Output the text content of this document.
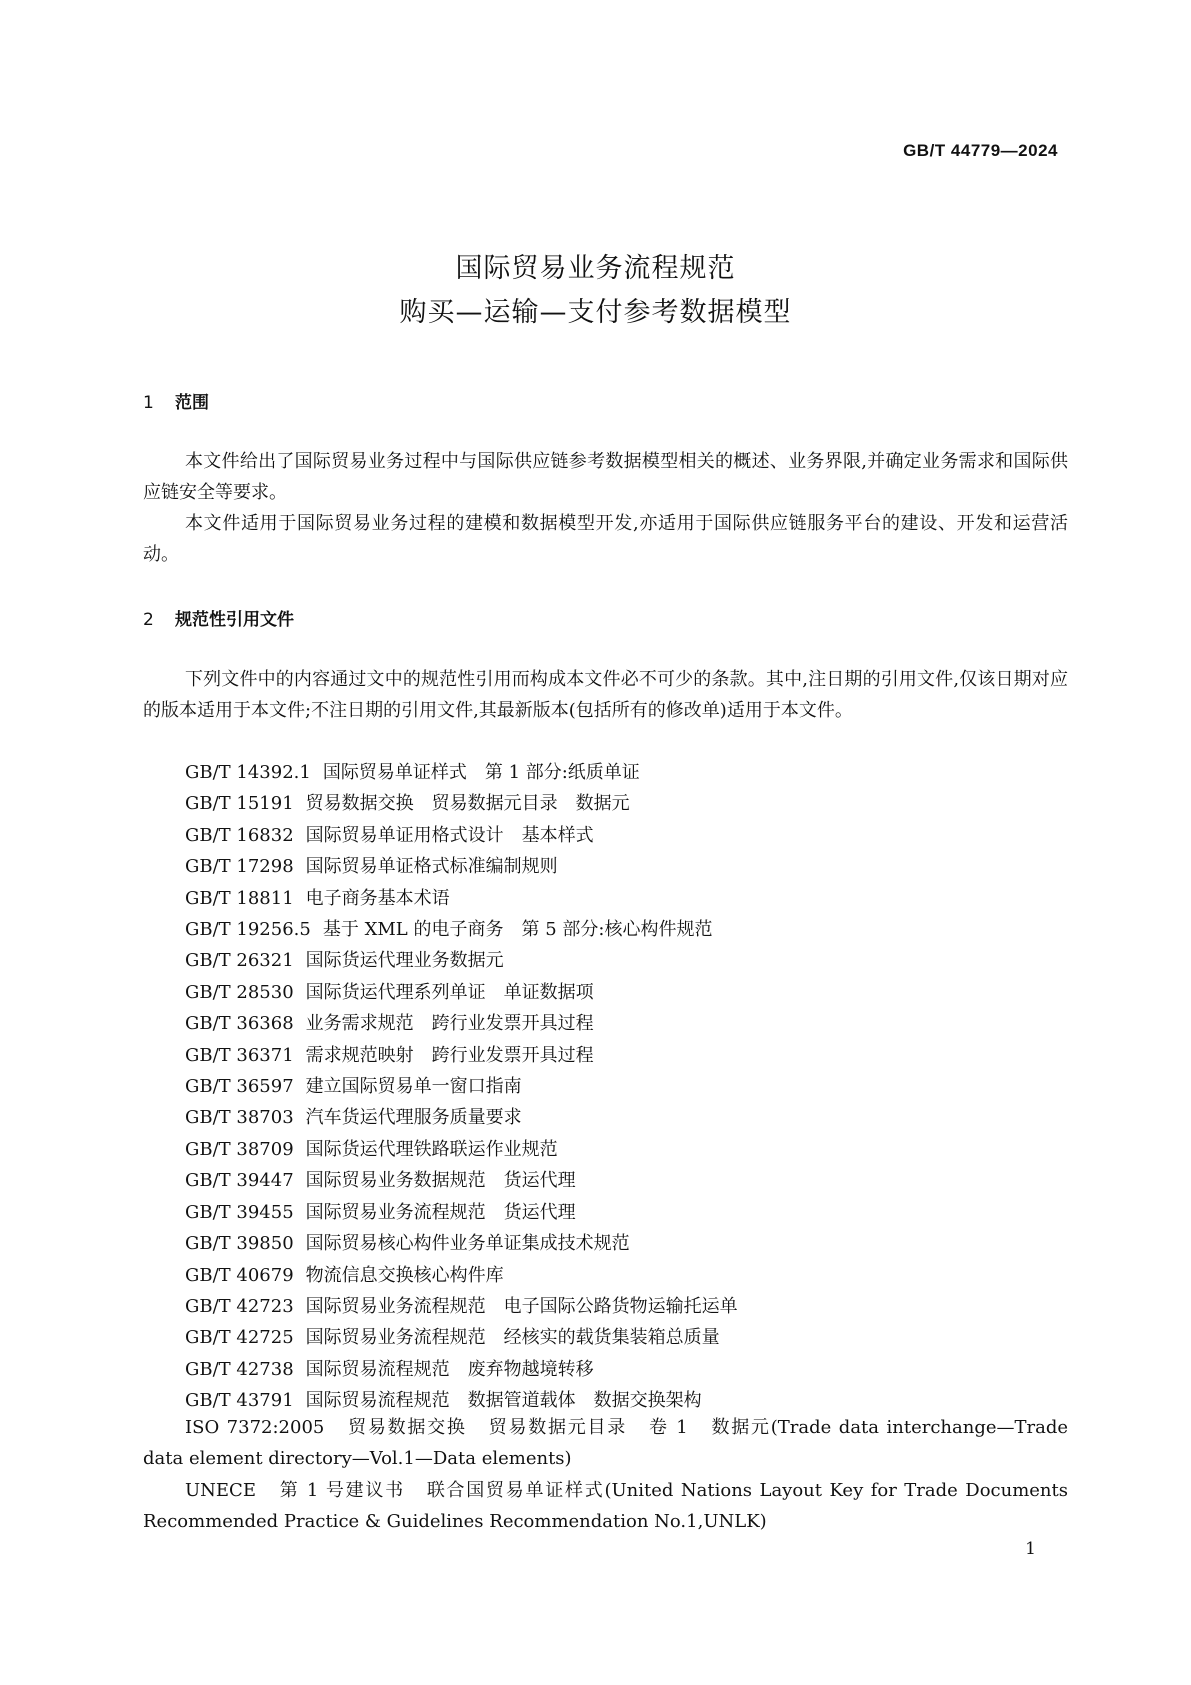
GB/T 44779—2024
国际贸易业务流程规范
购买—运输—支付参考数据模型
1 范围
本文件给出了国际贸易业务过程中与国际供应链参考数据模型相关的概述、业务界限,并确定业务需求和国际供应链安全等要求。
本文件适用于国际贸易业务过程的建模和数据模型开发,亦适用于国际供应链服务平台的建设、开发和运营活动。
2 规范性引用文件
下列文件中的内容通过文中的规范性引用而构成本文件必不可少的条款。其中,注日期的引用文件,仅该日期对应的版本适用于本文件;不注日期的引用文件,其最新版本(包括所有的修改单)适用于本文件。
GB/T 14392.1 国际贸易单证样式 第 1 部分:纸质单证
GB/T 15191 贸易数据交换 贸易数据元目录 数据元
GB/T 16832 国际贸易单证用格式设计 基本样式
GB/T 17298 国际贸易单证格式标准编制规则
GB/T 18811 电子商务基本术语
GB/T 19256.5 基于 XML 的电子商务 第 5 部分:核心构件规范
GB/T 26321 国际货运代理业务数据元
GB/T 28530 国际货运代理系列单证 单证数据项
GB/T 36368 业务需求规范 跨行业发票开具过程
GB/T 36371 需求规范映射 跨行业发票开具过程
GB/T 36597 建立国际贸易单一窗口指南
GB/T 38703 汽车货运代理服务质量要求
GB/T 38709 国际货运代理铁路联运作业规范
GB/T 39447 国际贸易业务数据规范 货运代理
GB/T 39455 国际贸易业务流程规范 货运代理
GB/T 39850 国际贸易核心构件业务单证集成技术规范
GB/T 40679 物流信息交换核心构件库
GB/T 42723 国际贸易业务流程规范 电子国际公路货物运输托运单
GB/T 42725 国际贸易业务流程规范 经核实的载货集装箱总质量
GB/T 42738 国际贸易流程规范 废弃物越境转移
GB/T 43791 国际贸易流程规范 数据管道载体 数据交换架构
ISO 7372:2005 贸易数据交换 贸易数据元目录 卷 1 数据元(Trade data interchange—Trade data element directory—Vol.1—Data elements)
UNECE 第 1 号建议书 联合国贸易单证样式(United Nations Layout Key for Trade Documents Recommended Practice & Guidelines Recommendation No.1,UNLK)
1
